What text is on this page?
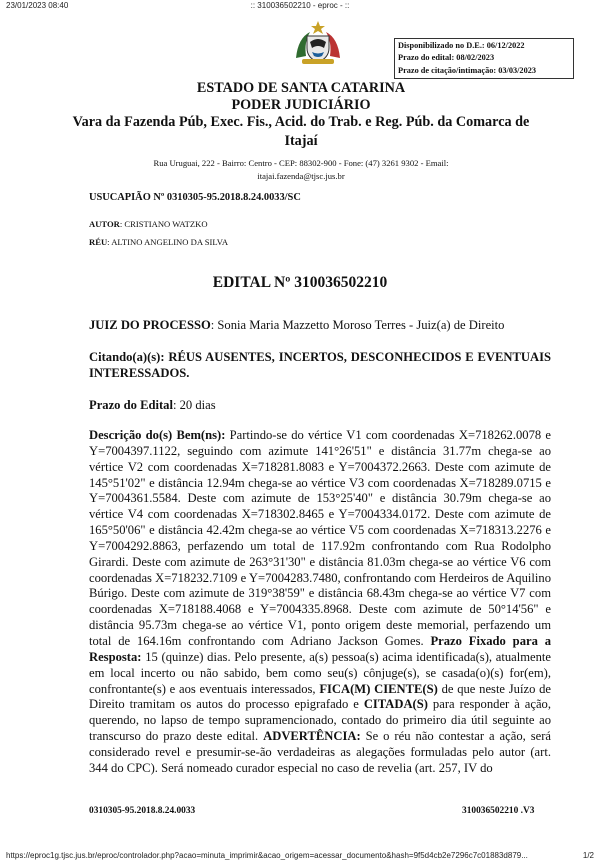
23/01/2023 08:40	:: 310036502210 - eproc - ::
Disponibilizado no D.E.: 06/12/2022
Prazo do edital: 08/02/2023
Prazo de citação/intimação: 03/03/2023
ESTADO DE SANTA CATARINA
PODER JUDICIÁRIO
Vara da Fazenda Púb, Exec. Fis., Acid. do Trab. e Reg. Púb. da Comarca de Itajaí
Rua Uruguai, 222 - Bairro: Centro - CEP: 88302-900 - Fone: (47) 3261 9302 - Email:
itajai.fazenda@tjsc.jus.br
USUCAPIÃO Nº 0310305-95.2018.8.24.0033/SC
AUTOR: CRISTIANO WATZKO
RÉU: ALTINO ANGELINO DA SILVA
EDITAL Nº 310036502210
JUIZ DO PROCESSO: Sonia Maria Mazzetto Moroso Terres - Juiz(a) de Direito
Citando(a)(s): RÉUS AUSENTES, INCERTOS, DESCONHECIDOS E EVENTUAIS INTERESSADOS.
Prazo do Edital: 20 dias
Descrição do(s) Bem(ns): Partindo-se do vértice V1 com coordenadas X=718262.0078 e Y=7004397.1122, seguindo com azimute 141°26'51" e distância 31.77m chega-se ao vértice V2 com coordenadas X=718281.8083 e Y=7004372.2663. Deste com azimute de 145°51'02" e distância 12.94m chega-se ao vértice V3 com coordenadas X=718289.0715 e Y=7004361.5584. Deste com azimute de 153°25'40" e distância 30.79m chega-se ao vértice V4 com coordenadas X=718302.8465 e Y=7004334.0172. Deste com azimute de 165°50'06" e distância 42.42m chega-se ao vértice V5 com coordenadas X=718313.2276 e Y=7004292.8863, perfazendo um total de 117.92m confrontando com Rua Rodolpho Girardi. Deste com azimute de 263°31'30" e distância 81.03m chega-se ao vértice V6 com coordenadas X=718232.7109 e Y=7004283.7480, confrontando com Herdeiros de Aquilino Búrigo. Deste com azimute de 319°38'59" e distância 68.43m chega-se ao vértice V7 com coordenadas X=718188.4068 e Y=7004335.8968. Deste com azimute de 50°14'56" e distância 95.73m chega-se ao vértice V1, ponto origem deste memorial, perfazendo um total de 164.16m confrontando com Adriano Jackson Gomes. Prazo Fixado para a Resposta: 15 (quinze) dias. Pelo presente, a(s) pessoa(s) acima identificada(s), atualmente em local incerto ou não sabido, bem como seu(s) cônjuge(s), se casada(o)(s) for(em), confrontante(s) e aos eventuais interessados, FICA(M) CIENTE(S) de que neste Juízo de Direito tramitam os autos do processo epigrafado e CITADA(S) para responder à ação, querendo, no lapso de tempo supramencionado, contado do primeiro dia útil seguinte ao transcurso do prazo deste edital. ADVERTÊNCIA: Se o réu não contestar a ação, será considerado revel e presumir-se-ão verdadeiras as alegações formuladas pelo autor (art. 344 do CPC). Será nomeado curador especial no caso de revelia (art. 257, IV do
0310305-95.2018.8.24.0033	310036502210 .V3
https://eproc1g.tjsc.jus.br/eproc/controlador.php?acao=minuta_imprimir&acao_origem=acessar_documento&hash=9f5d4cb2e7296c7c01883d879...	1/2
